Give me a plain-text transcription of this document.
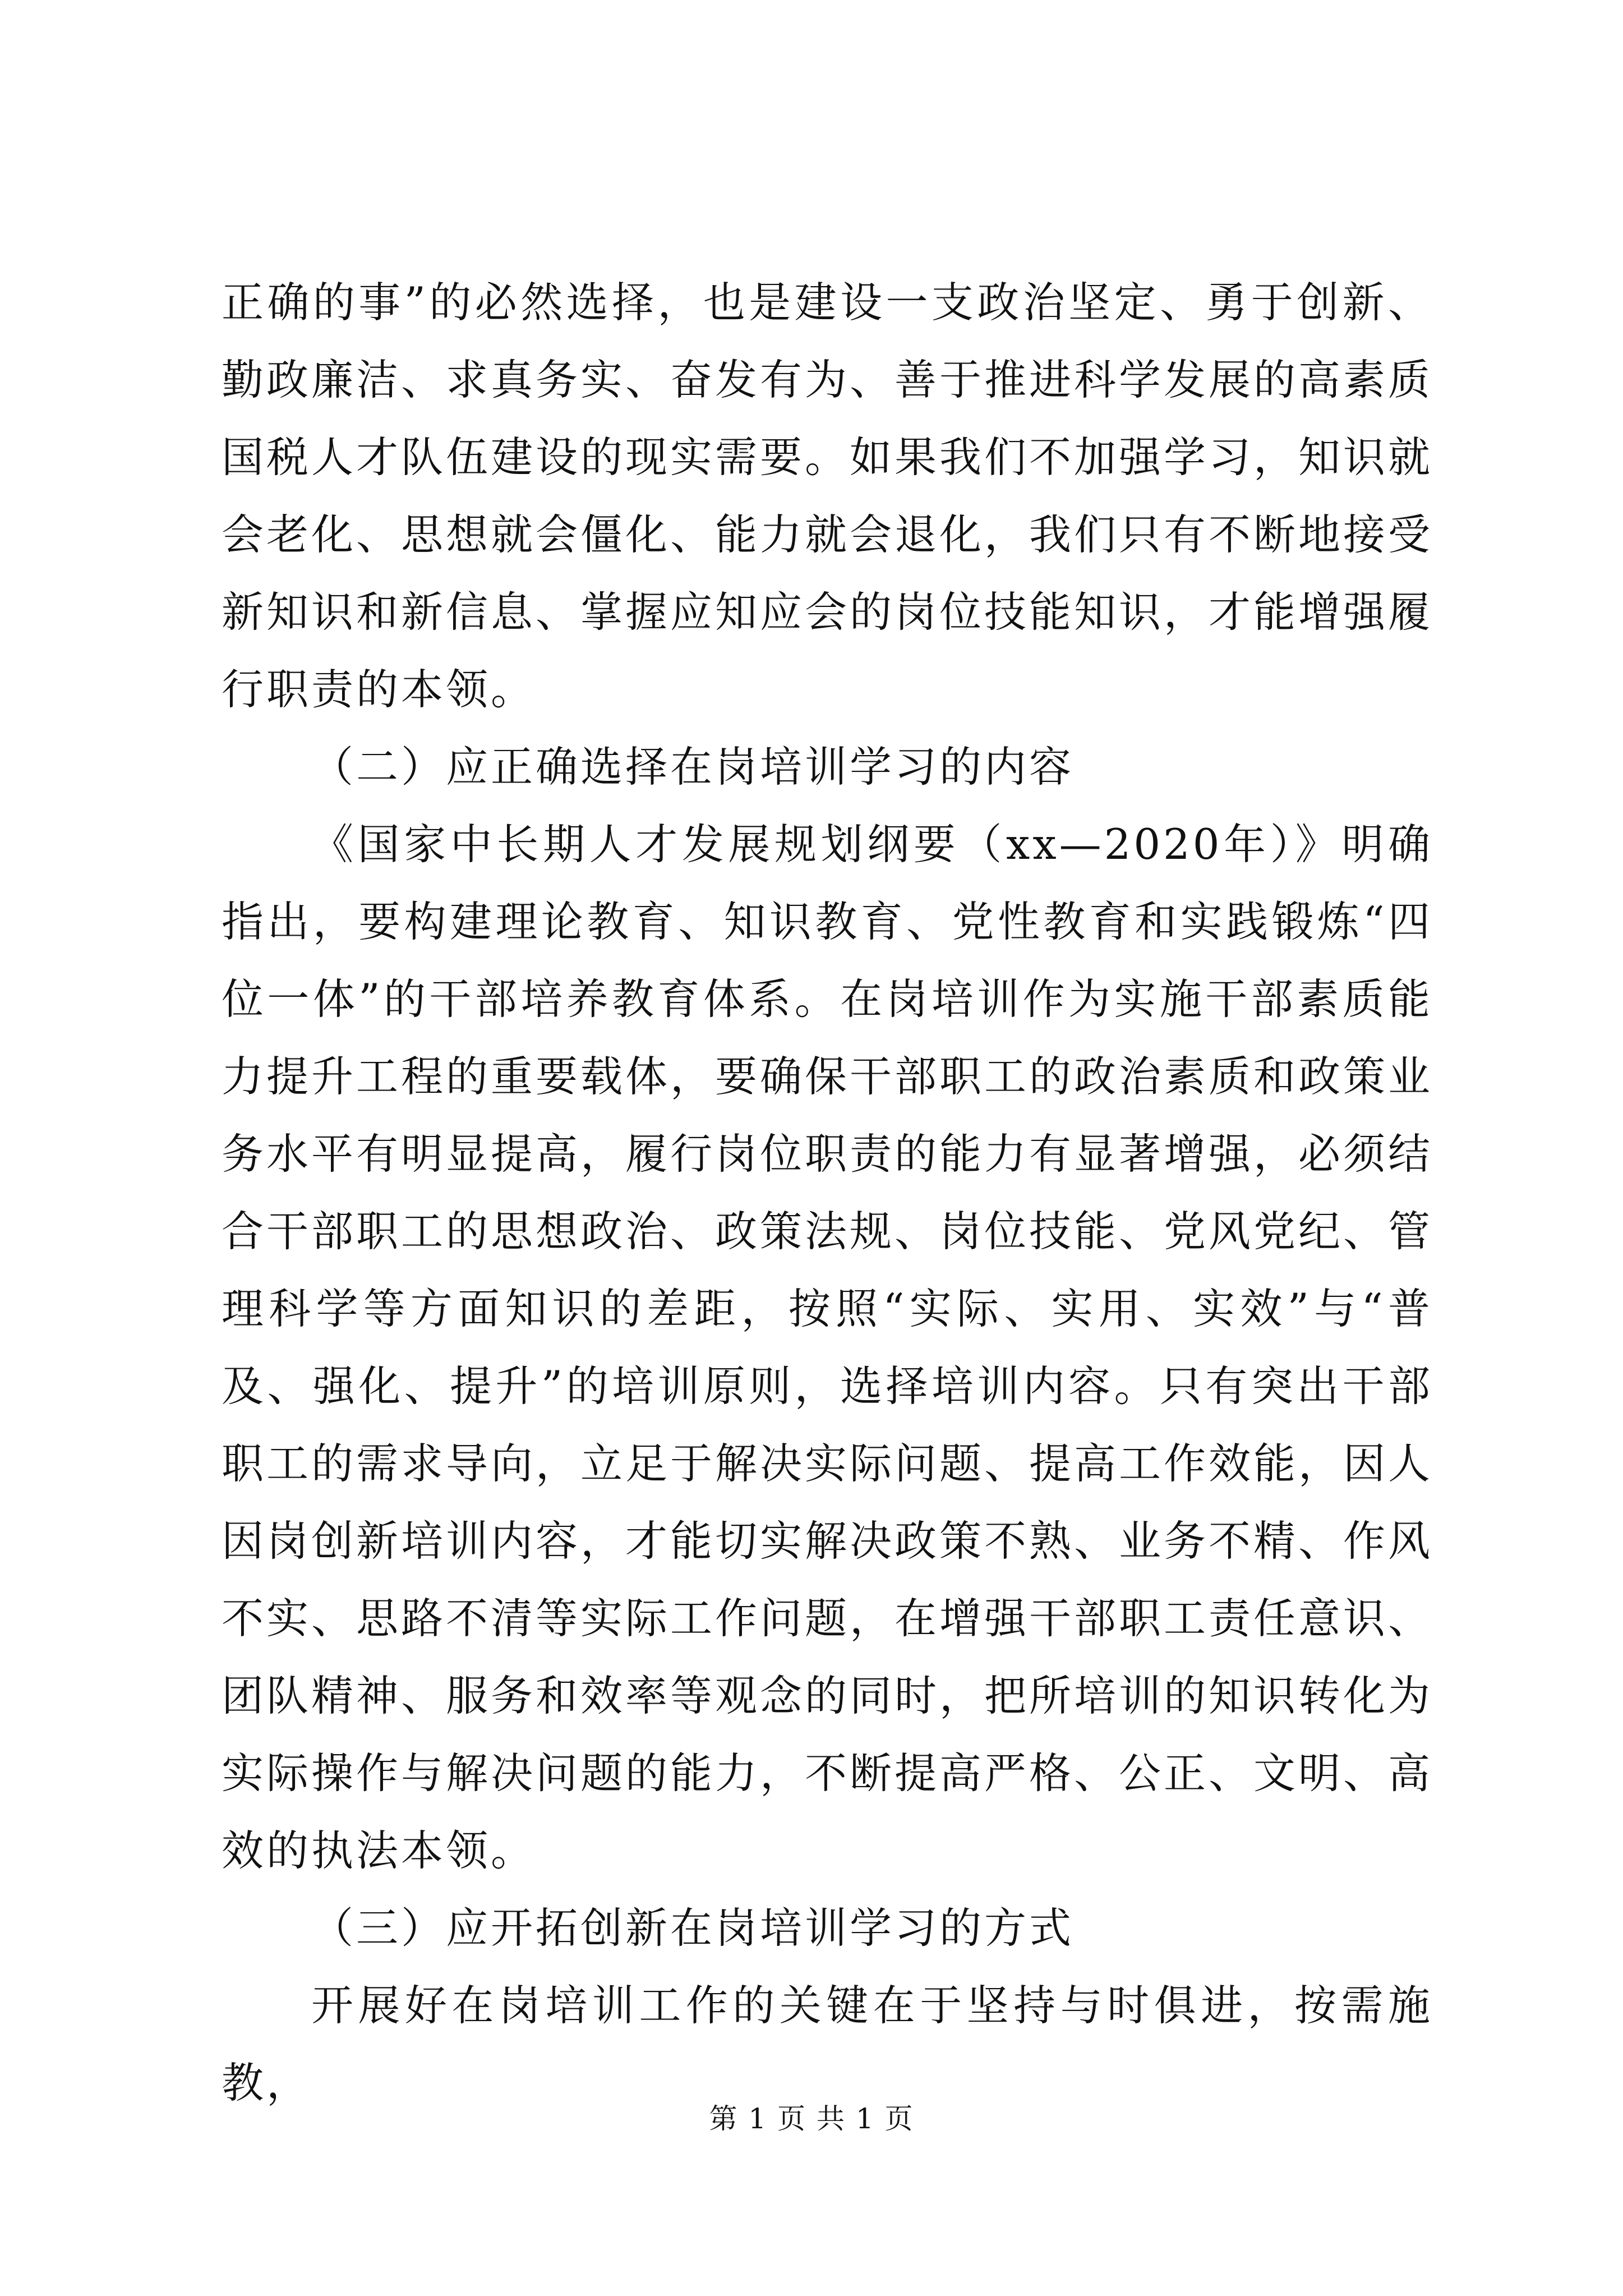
正确的事”的必然选择，也是建设一支政治坚定、勇于创新、勤政廉洁、求真务实、奋发有为、善于推进科学发展的高素质国税人才队伍建设的现实需要。如果我们不加强学习，知识就会老化、思想就会僵化、能力就会退化，我们只有不断地接受新知识和新信息、掌握应知应会的岗位技能知识，才能增强履行职责的本领。

（二）应正确选择在岗培训学习的内容

《国家中长期人才发展规划纲要（xx—2020年）》明确指出，要构建理论教育、知识教育、党性教育和实践锻炼“四位一体”的干部培养教育体系。在岗培训作为实施干部素质能力提升工程的重要载体，要确保干部职工的政治素质和政策业务水平有明显提高，履行岗位职责的能力有显著增强，必须结合干部职工的思想政治、政策法规、岗位技能、党风党纪、管理科学等方面知识的差距，按照“实际、实用、实效”与“普及、强化、提升”的培训原则，选择培训内容。只有突出干部职工的需求导向，立足于解决实际问题、提高工作效能，因人因岗创新培训内容，才能切实解决政策不熟、业务不精、作风不实、思路不清等实际工作问题，在增强干部职工责任意识、团队精神、服务和效率等观念的同时，把所培训的知识转化为实际操作与解决问题的能力，不断提高严格、公正、文明、高效的执法本领。

（三）应开拓创新在岗培训学习的方式

开展好在岗培训工作的关键在于坚持与时俱进，按需施教，

第 1 页 共 1 页
